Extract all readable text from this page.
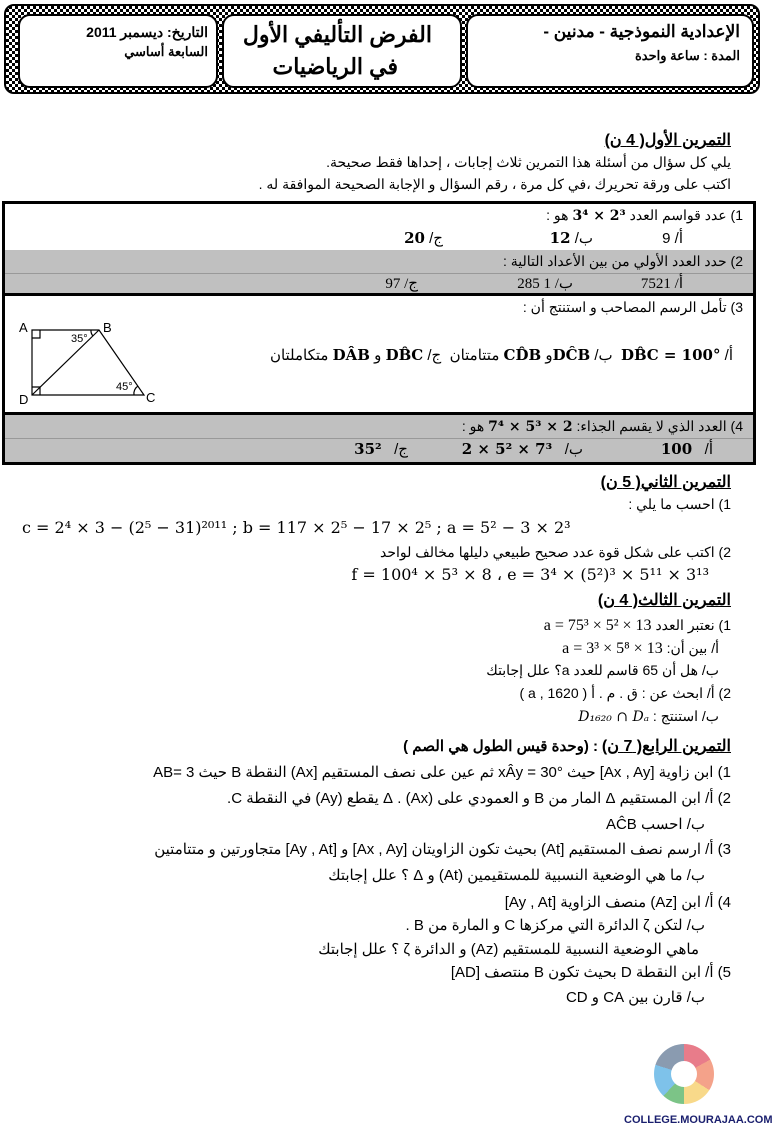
الإعدادية النموذجية - مدنين -
المدة : ساعة واحدة
الفرض التأليفي الأول
في الرياضيات
التاريخ: ديسمبر 2011
السابعة أساسي
التمرين الأول( 4 ن)
يلي كل سؤال من أسئلة هذا التمرين ثلاث إجابات ، إحداها فقط صحيحة.
اكتب على ورقة تحريرك ،في كل مرة ، رقم السؤال و الإجابة الصحيحة الموافقة له .
1) عدد قواسم العدد 3⁴ × 2³ هو :
أ/ 9
ب/ 12
ج/ 20
2) حدد العدد الأولي من بين الأعداد التالية :
أ/ 7521
ب/ 1 285
ج/ 97
3) تأمل الرسم المصاحب و استنتج أن :
أ/ DB̂C = 100°  ب/ DĈBو CD̂B متتامتان  ج/ DB̂C و DÂB متكاملتان
A	B
C
D
35°
45°
4) العدد الذي لا يقسم الجذاء: 7⁴ × 5³ × 2 هو :
أ/   100
ب/   2 × 5² × 7³
ج/   35²
التمرين الثاني( 5 ن)
1) احسب ما يلي :
c = 2⁴ × 3 − (2⁵ − 31)²⁰¹¹ ; b = 117 × 2⁵ − 17 × 2⁵ ; a = 5² − 3 × 2³
2) اكتب على شكل قوة عدد صحيح طبيعي دليلها مخالف لواحد
f = 100⁴ × 5³ × 8 ، e = 3⁴ × (5²)³ × 5¹¹ × 3¹³
التمرين الثالث( 4 ن)
1) نعتبر العدد a = 75³ × 5² × 13
أ/ بين أن: a = 3³ × 5⁸ × 13
ب/ هل أن 65 قاسم للعدد a؟ علل إجابتك
2) أ/ ابحث عن : ق . م . أ ( 1620 , a )
ب/ استنتج : D₁₆₂₀ ∩ Dₐ
التمرين الرابع( 7 ن) : (وحدة قيس الطول هي الصم )
1) ابن زاوية [Ax , Ay] حيث xÂy = 30° ثم عين على نصف المستقيم [Ax) النقطة B حيث AB= 3
2) أ/ ابن المستقيم Δ المار من B و العمودي على (Ax) . Δ يقطع (Ay) في النقطة C.
ب/ احسب AĈB
3) أ/ ارسم نصف المستقيم [At) بحيث تكون الزاويتان [Ax , Ay] و [Ay , At] متجاورتين و متتامتين
ب/ ما هي الوضعية النسبية للمستقيمين (At) و Δ ؟ علل إجابتك
4) أ/ ابن [Az) منصف الزاوية [Ay , At]
ب/ لتكن ζ الدائرة التي مركزها C و المارة من B .
ماهي الوضعية النسبية للمستقيم (Az) و الدائرة ζ ؟ علل إجابتك
5) أ/ ابن النقطة D بحيث تكون B منتصف [AD]
ب/ قارن بين CA و CD
COLLEGE.MOURAJAA.COM
